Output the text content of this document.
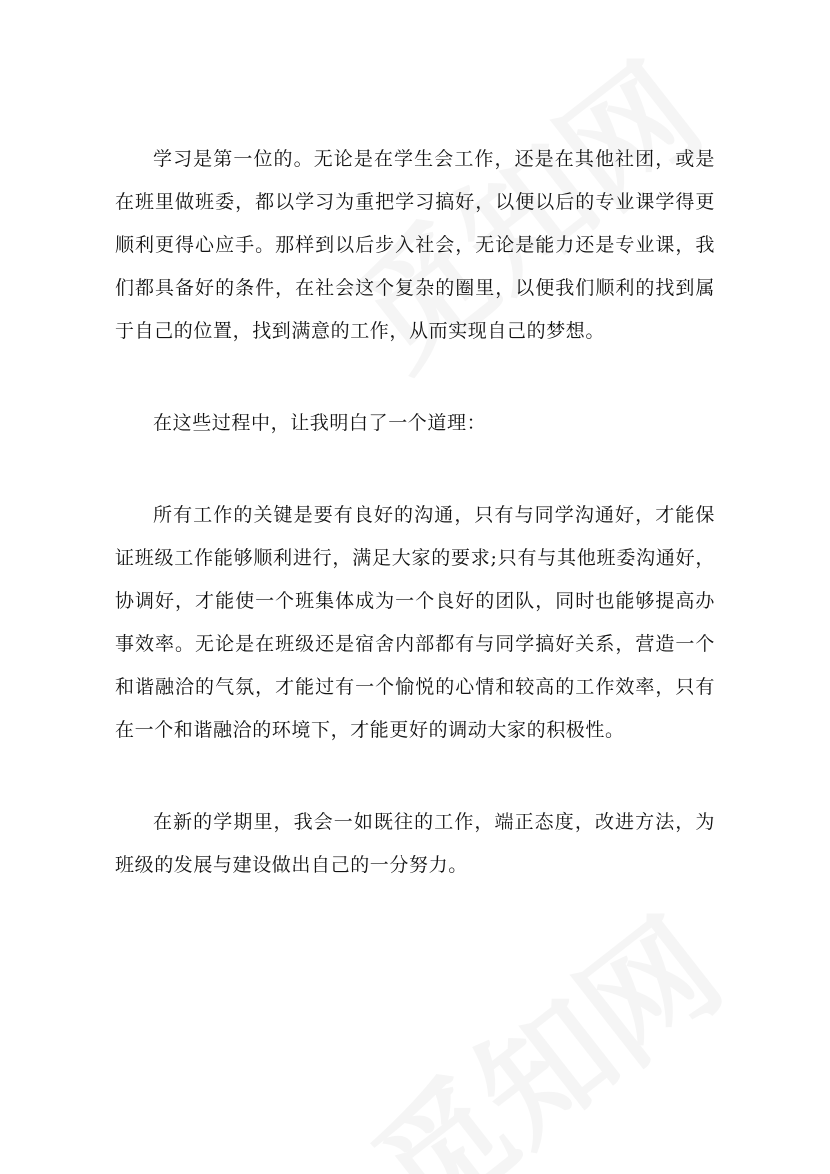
学习是第一位的。无论是在学生会工作，还是在其他社团，或是在班里做班委，都以学习为重把学习搞好，以便以后的专业课学得更顺利更得心应手。那样到以后步入社会，无论是能力还是专业课，我们都具备好的条件，在社会这个复杂的圈里，以便我们顺利的找到属于自己的位置，找到满意的工作，从而实现自己的梦想。

在这些过程中，让我明白了一个道理：

所有工作的关键是要有良好的沟通，只有与同学沟通好，才能保证班级工作能够顺利进行，满足大家的要求;只有与其他班委沟通好，协调好，才能使一个班集体成为一个良好的团队，同时也能够提高办事效率。无论是在班级还是宿舍内部都有与同学搞好关系，营造一个和谐融洽的气氛，才能过有一个愉悦的心情和较高的工作效率，只有在一个和谐融洽的环境下，才能更好的调动大家的积极性。

在新的学期里，我会一如既往的工作，端正态度，改进方法，为班级的发展与建设做出自己的一分努力。
